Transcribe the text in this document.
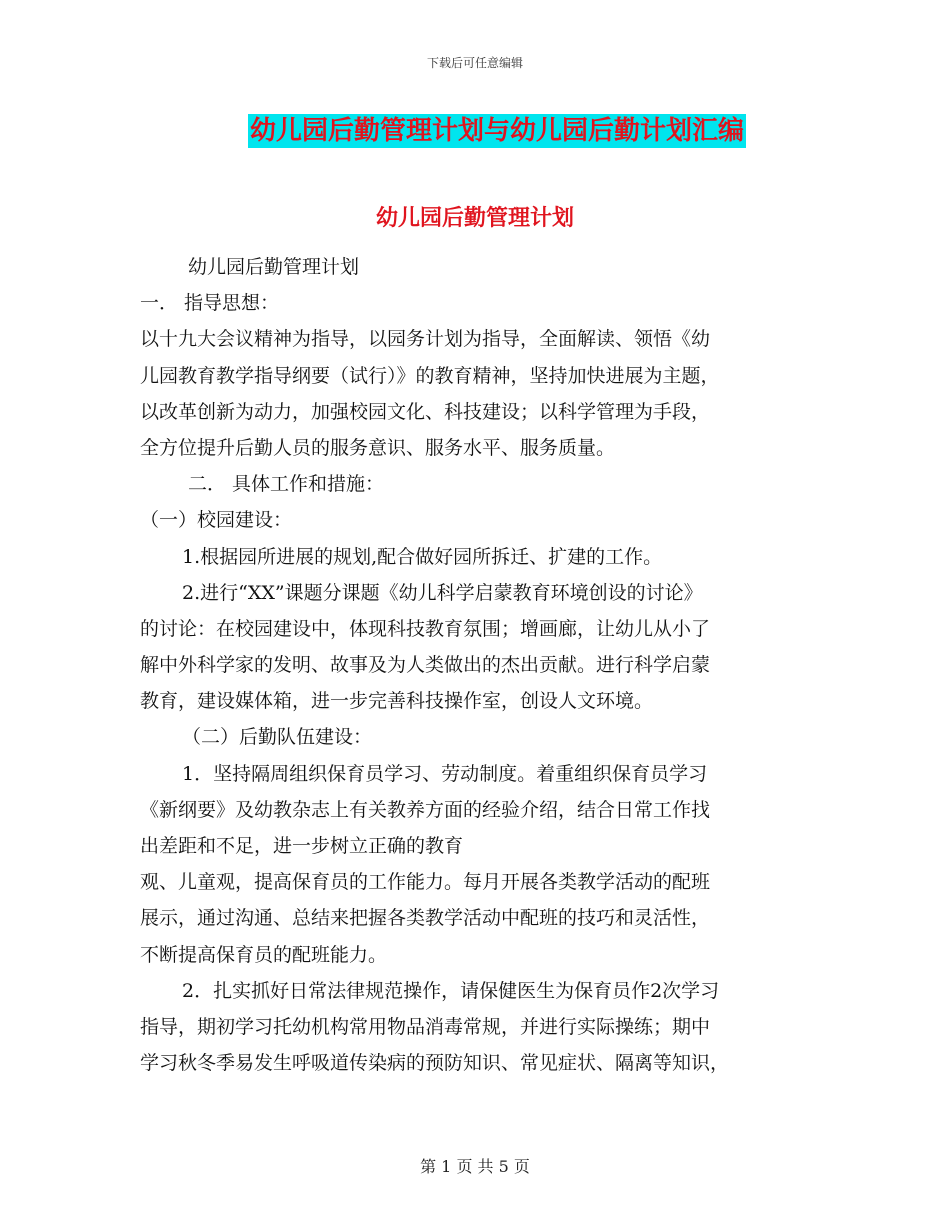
下载后可任意编辑
幼儿园后勤管理计划与幼儿园后勤计划汇编
幼儿园后勤管理计划
幼儿园后勤管理计划
一． 指导思想：
以十九大会议精神为指导，以园务计划为指导，全面解读、领悟《幼
儿园教育教学指导纲要（试行）》的教育精神，坚持加快进展为主题，
以改革创新为动力，加强校园文化、科技建设；以科学管理为手段，
全方位提升后勤人员的服务意识、服务水平、服务质量。
二． 具体工作和措施：
（一）校园建设：
1.根据园所进展的规划,配合做好园所拆迁、扩建的工作。
2.进行“XX”课题分课题《幼儿科学启蒙教育环境创设的讨论》
的讨论：在校园建设中，体现科技教育氛围；增画廊，让幼儿从小了
解中外科学家的发明、故事及为人类做出的杰出贡献。进行科学启蒙
教育，建设媒体箱，进一步完善科技操作室，创设人文环境。
（二）后勤队伍建设：
1．坚持隔周组织保育员学习、劳动制度。着重组织保育员学习
《新纲要》及幼教杂志上有关教养方面的经验介绍，结合日常工作找
出差距和不足，进一步树立正确的教育
观、儿童观，提高保育员的工作能力。每月开展各类教学活动的配班
展示，通过沟通、总结来把握各类教学活动中配班的技巧和灵活性，
不断提高保育员的配班能力。
2．扎实抓好日常法律规范操作，请保健医生为保育员作2次学习
指导，期初学习托幼机构常用物品消毒常规，并进行实际操练；期中
学习秋冬季易发生呼吸道传染病的预防知识、常见症状、隔离等知识，
第 1 页 共 5 页
